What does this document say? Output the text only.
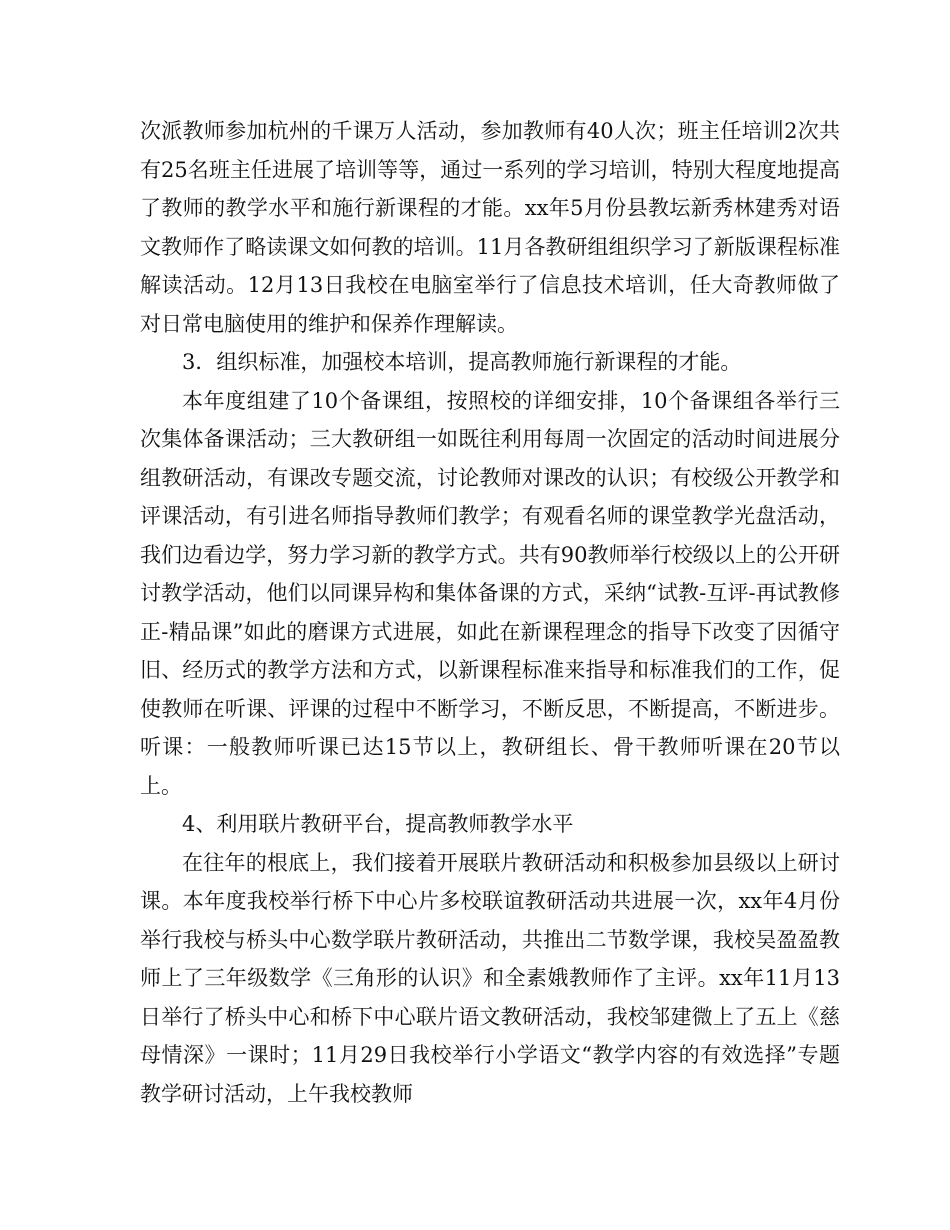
次派教师参加杭州的千课万人活动，参加教师有40人次；班主任培训2次共有25名班主任进展了培训等等，通过一系列的学习培训，特别大程度地提高了教师的教学水平和施行新课程的才能。xx年5月份县教坛新秀林建秀对语文教师作了略读课文如何教的培训。11月各教研组组织学习了新版课程标准解读活动。12月13日我校在电脑室举行了信息技术培训，任大奇教师做了对日常电脑使用的维护和保养作理解读。

3．组织标准，加强校本培训，提高教师施行新课程的才能。

本年度组建了10个备课组，按照校的详细安排，10个备课组各举行三次集体备课活动；三大教研组一如既往利用每周一次固定的活动时间进展分组教研活动，有课改专题交流，讨论教师对课改的认识；有校级公开教学和评课活动，有引进名师指导教师们教学；有观看名师的课堂教学光盘活动，我们边看边学，努力学习新的教学方式。共有90教师举行校级以上的公开研讨教学活动，他们以同课异构和集体备课的方式，采纳“试教-互评-再试教修正-精品课”如此的磨课方式进展，如此在新课程理念的指导下改变了因循守旧、经历式的教学方法和方式，以新课程标准来指导和标准我们的工作，促使教师在听课、评课的过程中不断学习，不断反思，不断提高，不断进步。听课：一般教师听课已达15节以上，教研组长、骨干教师听课在20节以上。

4、利用联片教研平台，提高教师教学水平

在往年的根底上，我们接着开展联片教研活动和积极参加县级以上研讨课。本年度我校举行桥下中心片多校联谊教研活动共进展一次，xx年4月份举行我校与桥头中心数学联片教研活动，共推出二节数学课，我校吴盈盈教师上了三年级数学《三角形的认识》和全素娥教师作了主评。xx年11月13日举行了桥头中心和桥下中心联片语文教研活动，我校邹建微上了五上《慈母情深》一课时；11月29日我校举行小学语文“教学内容的有效选择”专题教学研讨活动，上午我校教师
